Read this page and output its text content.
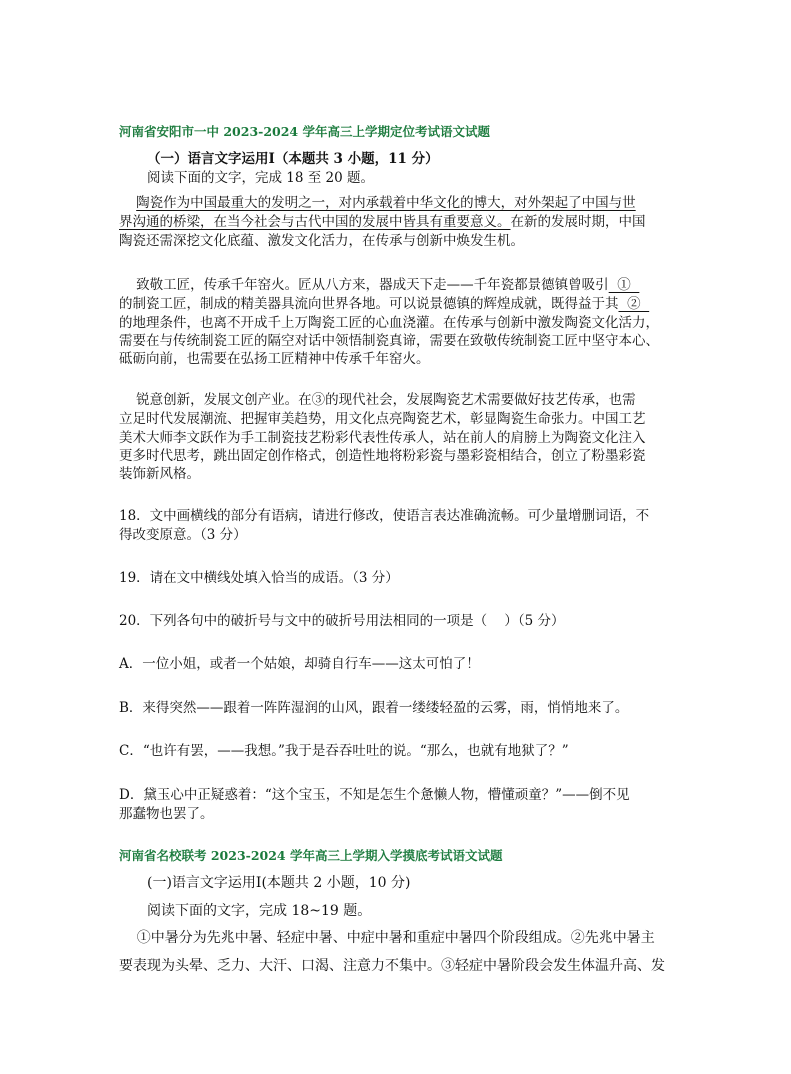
河南省安阳市一中 2023-2024 学年高三上学期定位考试语文试题
（一）语言文字运用Ⅰ（本题共 3 小题，11 分）
阅读下面的文字，完成 18 至 20 题。
陶瓷作为中国最重大的发明之一，对内承载着中华文化的博大，对外架起了中国与世
界沟通的桥梁，在当今社会与古代中国的发展中皆具有重要意义。在新的发展时期，中国
陶瓷还需深挖文化底蕴、激发文化活力，在传承与创新中焕发生机。
致敬工匠，传承千年窑火。匠从八方来，器成天下走——千年瓷都景德镇曾吸引  ①
的制瓷工匠，制成的精美器具流向世界各地。可以说景德镇的辉煌成就，既得益于其  ②
的地理条件，也离不开成千上万陶瓷工匠的心血浇灌。在传承与创新中激发陶瓷文化活力，
需要在与传统制瓷工匠的隔空对话中领悟制瓷真谛，需要在致敬传统制瓷工匠中坚守本心、
砥砺向前，也需要在弘扬工匠精神中传承千年窑火。
锐意创新，发展文创产业。在③的现代社会，发展陶瓷艺术需要做好技艺传承，也需
立足时代发展潮流、把握审美趋势，用文化点亮陶瓷艺术，彰显陶瓷生命张力。中国工艺
美术大师李文跃作为手工制瓷技艺粉彩代表性传承人，站在前人的肩膀上为陶瓷文化注入
更多时代思考，跳出固定创作格式，创造性地将粉彩瓷与墨彩瓷相结合，创立了粉墨彩瓷
装饰新风格。
18．文中画横线的部分有语病，请进行修改，使语言表达准确流畅。可少量增删词语，不
得改变原意。（3 分）
19．请在文中横线处填入恰当的成语。（3 分）
20．下列各句中的破折号与文中的破折号用法相同的一项是（    ）（5 分）
A．一位小姐，或者一个姑娘，却骑自行车——这太可怕了！
B．来得突然——跟着一阵阵湿润的山风，跟着一缕缕轻盈的云雾，雨，悄悄地来了。
C．“也许有罢，——我想。”我于是吞吞吐吐的说。“那么，也就有地狱了？”
D．黛玉心中正疑惑着：“这个宝玉，不知是怎生个惫懒人物，懵懂顽童？”——倒不见
那蠢物也罢了。
河南省名校联考 2023-2024 学年高三上学期入学摸底考试语文试题
(一)语言文字运用Ⅰ(本题共 2 小题，10 分)
阅读下面的文字，完成 18~19 题。
①中暑分为先兆中暑、轻症中暑、中症中暑和重症中暑四个阶段组成。②先兆中暑主
要表现为头晕、乏力、大汗、口渴、注意力不集中。③轻症中暑阶段会发生体温升高、发
